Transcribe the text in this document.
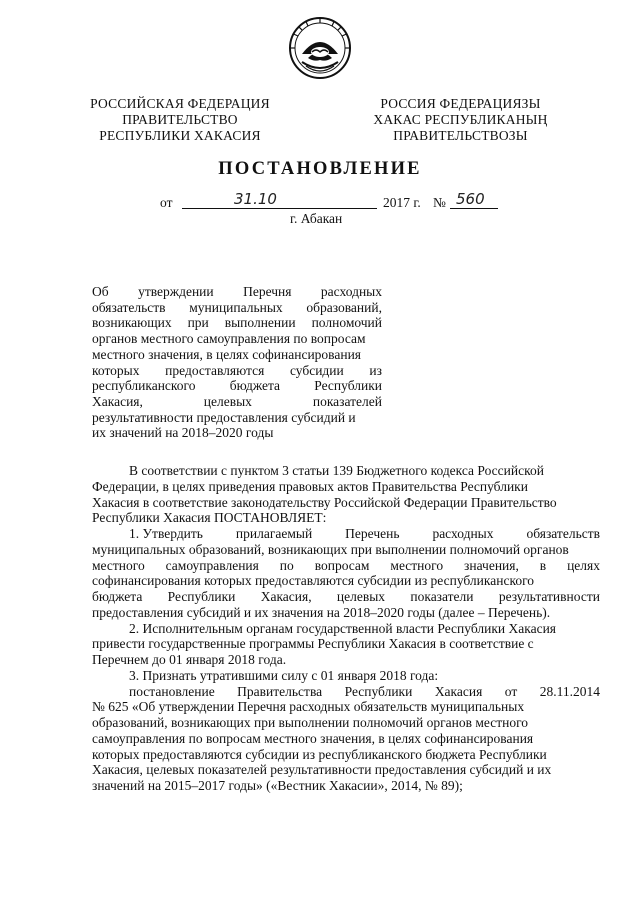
РОССИЙСКАЯ ФЕДЕРАЦИЯ
ПРАВИТЕЛЬСТВО
РЕСПУБЛИКИ ХАКАСИЯ
РОССИЯ ФЕДЕРАЦИЯЗЫ
ХАКАС РЕСПУБЛИКАНЫҢ
ПРАВИТЕЛЬСТВОЗЫ
ПОСТАНОВЛЕНИЕ
от	31.10	2017 г. № 560
г. Абакан
Об утверждении Перечня расходных
обязательств муниципальных образований,
возникающих при выполнении полномочий
органов местного самоуправления по вопросам
местного значения, в целях софинансирования
которых предоставляются субсидии из
республиканского	бюджета	Республики
Хакасия,	целевых	показателей
результативности предоставления субсидий и
их значений на 2018–2020 годы
В соответствии с пунктом 3 статьи 139 Бюджетного кодекса Российской
Федерации, в целях приведения правовых актов Правительства Республики
Хакасия в соответствие законодательству Российской Федерации Правительство
Республики Хакасия ПОСТАНОВЛЯЕТ:
1. Утвердить прилагаемый Перечень расходных обязательств
муниципальных образований, возникающих при выполнении полномочий органов
местного самоуправления по вопросам местного значения, в целях
софинансирования которых предоставляются субсидии из республиканского
бюджета Республики Хакасия, целевых показатели результативности
предоставления субсидий и их значения на 2018–2020 годы (далее – Перечень).
2. Исполнительным органам государственной власти Республики Хакасия
привести государственные программы Республики Хакасия в соответствие с
Перечнем до 01 января 2018 года.
3. Признать утратившими силу с 01 января 2018 года:
постановление Правительства Республики Хакасия от 28.11.2014
№ 625 «Об утверждении Перечня расходных обязательств муниципальных
образований, возникающих при выполнении полномочий органов местного
самоуправления по вопросам местного значения, в целях софинансирования
которых предоставляются субсидии из республиканского бюджета Республики
Хакасия, целевых показателей результативности предоставления субсидий и их
значений на 2015–2017 годы» («Вестник Хакасии», 2014, № 89);
